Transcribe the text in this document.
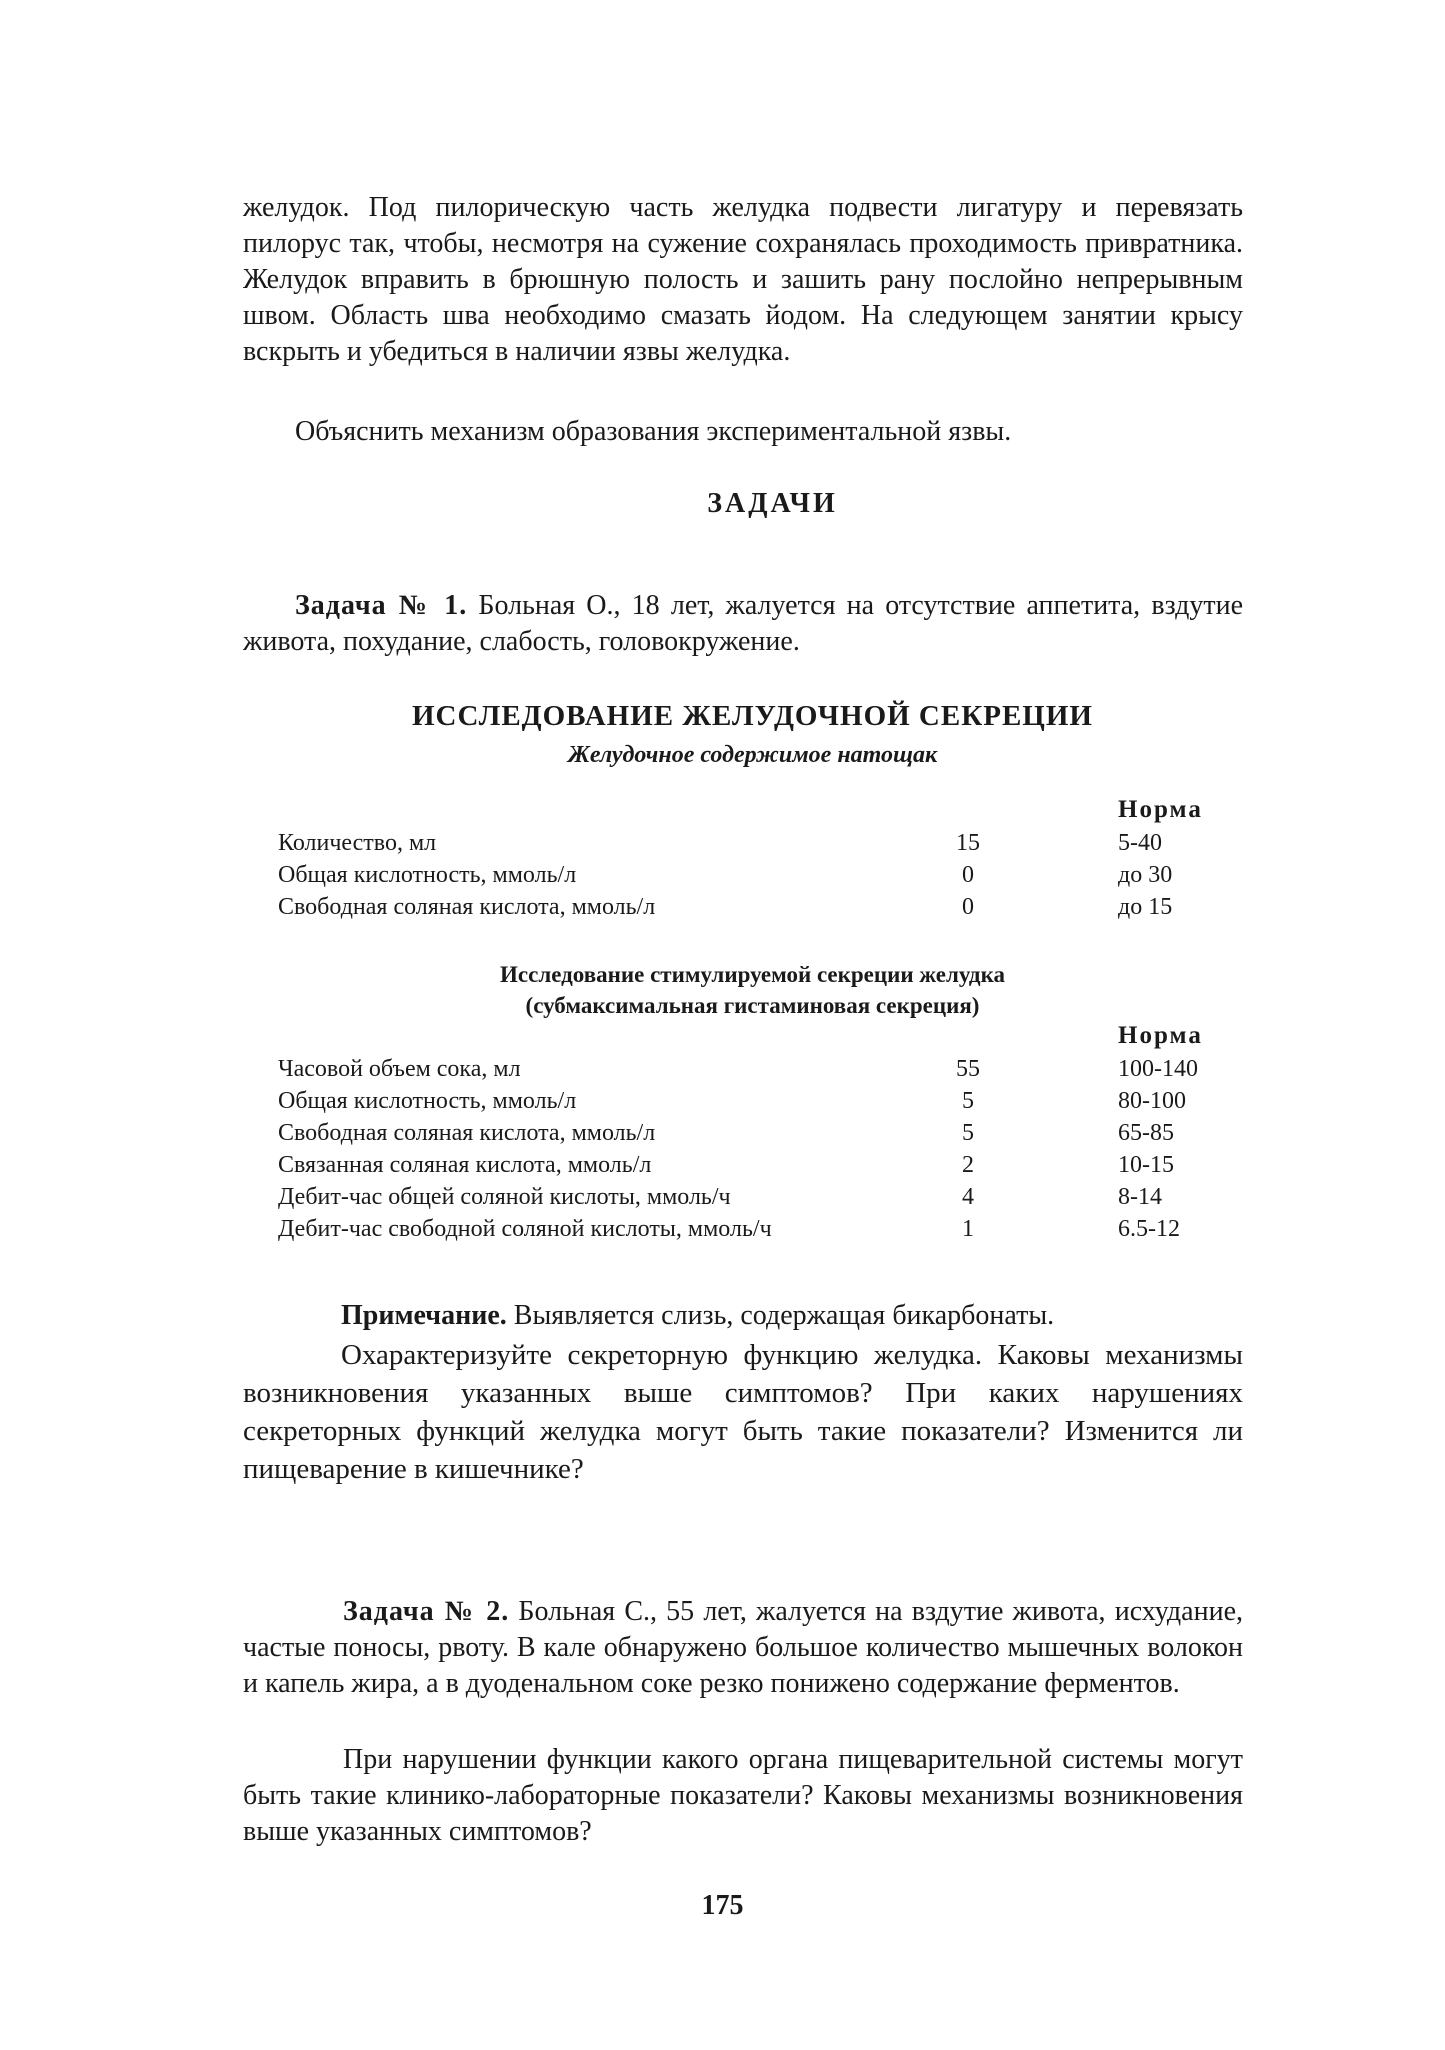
желудок. Под пилорическую часть желудка подвести лигатуру и перевязать пилорус так, чтобы, несмотря на сужение сохранялась проходимость привратника. Желудок вправить в брюшную полость и зашить рану послойно непрерывным швом. Область шва необходимо смазать йодом. На следующем занятии крысу вскрыть и убедиться в наличии язвы желудка.

Объяснить механизм образования экспериментальной язвы.

ЗАДАЧИ

Задача № 1. Больная О., 18 лет, жалуется на отсутствие аппетита, вздутие живота, похудание, слабость, головокружение.

ИССЛЕДОВАНИЕ ЖЕЛУДОЧНОЙ СЕКРЕЦИИ

Желудочное содержимое натощак

Норма
Количество, мл	15	5-40
Общая кислотность, ммоль/л	0	до 30
Свободная соляная кислота, ммоль/л	0	до 15

Исследование стимулируемой секреции желудка

(субмаксимальная гистаминовая секреция)

Норма
Часовой объем сока, мл	55	100-140
Общая кислотность, ммоль/л	5	80-100
Свободная соляная кислота, ммоль/л	5	65-85
Связанная соляная кислота, ммоль/л	2	10-15
Дебит-час общей соляной кислоты, ммоль/ч	4	8-14
Дебит-час свободной соляной кислоты, ммоль/ч	1	6.5-12

Примечание. Выявляется слизь, содержащая бикарбонаты.

Охарактеризуйте секреторную функцию желудка. Каковы механизмы возникновения указанных выше симптомов? При каких нарушениях секреторных функций желудка могут быть такие показатели? Изменится ли пищеварение в кишечнике?

Задача № 2. Больная С., 55 лет, жалуется на вздутие живота, исхудание, частые поносы, рвоту. В кале обнаружено большое количество мышечных волокон и капель жира, а в дуоденальном соке резко понижено содержание ферментов.

При нарушении функции какого органа пищеварительной системы могут быть такие клинико-лабораторные показатели? Каковы механизмы возникновения выше указанных симптомов?

175
